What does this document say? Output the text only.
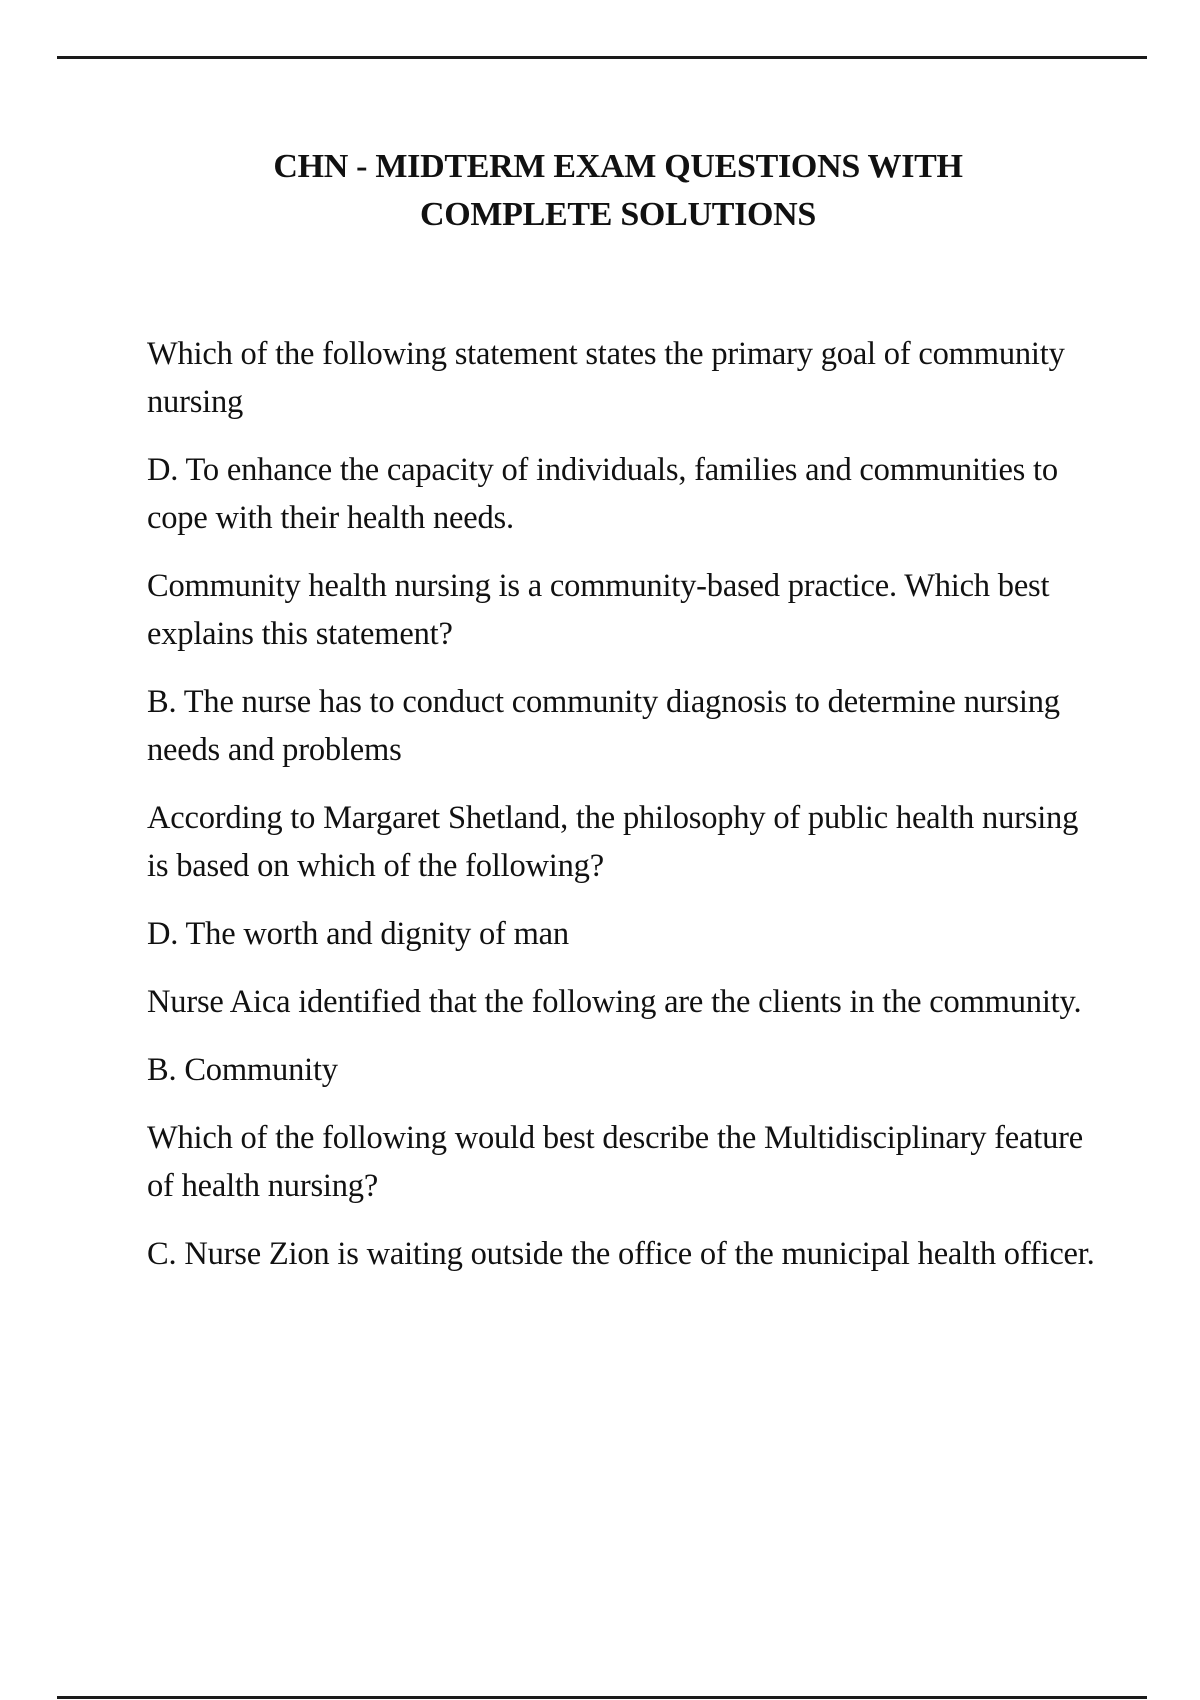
CHN - MIDTERM EXAM QUESTIONS WITH
COMPLETE SOLUTIONS

Which of the following statement states the primary goal of community nursing

D. To enhance the capacity of individuals, families and communities to cope with their health needs.

Community health nursing is a community-based practice. Which best explains this statement?

B. The nurse has to conduct community diagnosis to determine nursing needs and problems

According to Margaret Shetland, the philosophy of public health nursing is based on which of the following?

D. The worth and dignity of man

Nurse Aica identified that the following are the clients in the community.

B. Community

Which of the following would best describe the Multidisciplinary feature of health nursing?

C. Nurse Zion is waiting outside the office of the municipal health officer.
